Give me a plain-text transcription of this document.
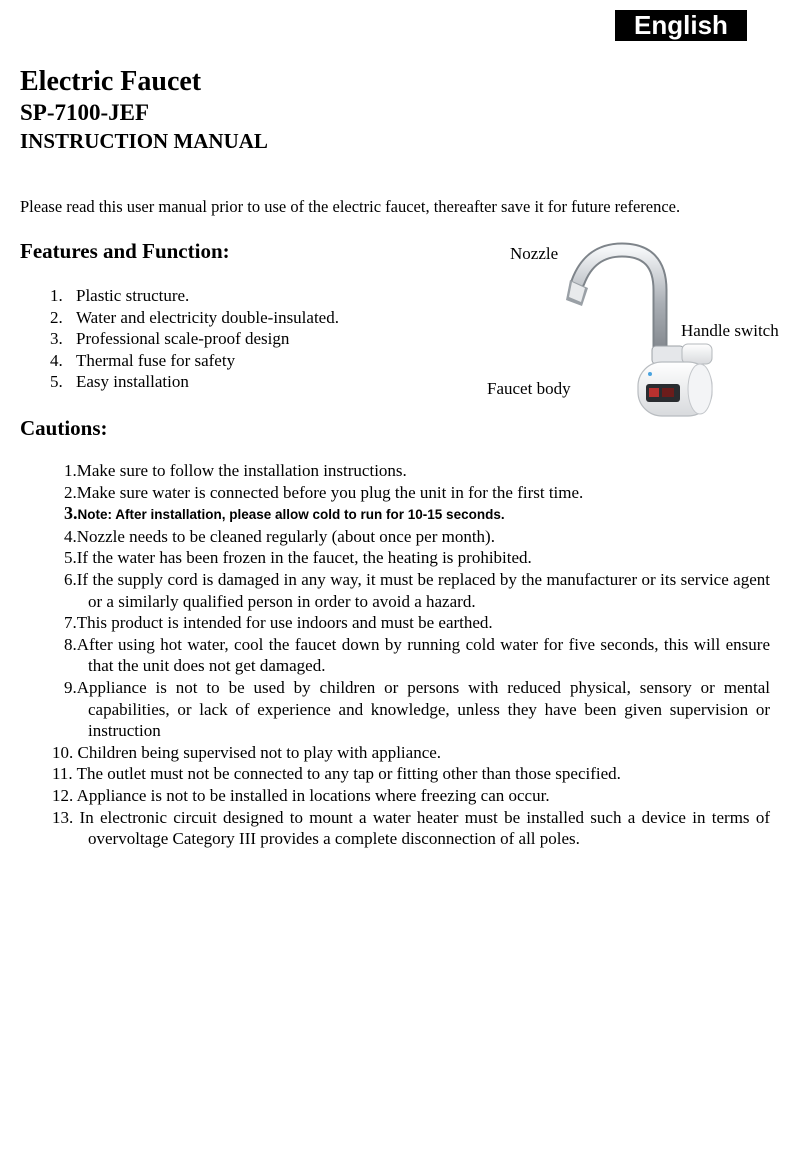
English
Electric Faucet
SP-7100-JEF
INSTRUCTION MANUAL

Please read this user manual prior to use of the electric faucet, thereafter save it for future reference.

Features and Function:
1. Plastic structure.
2. Water and electricity double-insulated.
3. Professional scale-proof design
4. Thermal fuse for safety
5. Easy installation
Nozzle
Handle switch
Faucet body
Cautions:
1.Make sure to follow the installation instructions.
2.Make sure water is connected before you plug the unit in for the first time.
3.Note: After installation, please allow cold to run for 10-15 seconds.
4.Nozzle needs to be cleaned regularly (about once per month).
5.If the water has been frozen in the faucet, the heating is prohibited.
6.If the supply cord is damaged in any way, it must be replaced by the manufacturer or its service agent or a similarly qualified person in order to avoid a hazard.
7.This product is intended for use indoors and must be earthed.
8.After using hot water, cool the faucet down by running cold water for five seconds, this will ensure that the unit does not get damaged.
9.Appliance is not to be used by children or persons with reduced physical, sensory or mental capabilities, or lack of experience and knowledge, unless they have been given supervision or instruction
10. Children being supervised not to play with appliance.
11. The outlet must not be connected to any tap or fitting other than those specified.
12. Appliance is not to be installed in locations where freezing can occur.
13. In electronic circuit designed to mount a water heater must be installed such a device in terms of overvoltage Category III provides a complete disconnection of all poles.
